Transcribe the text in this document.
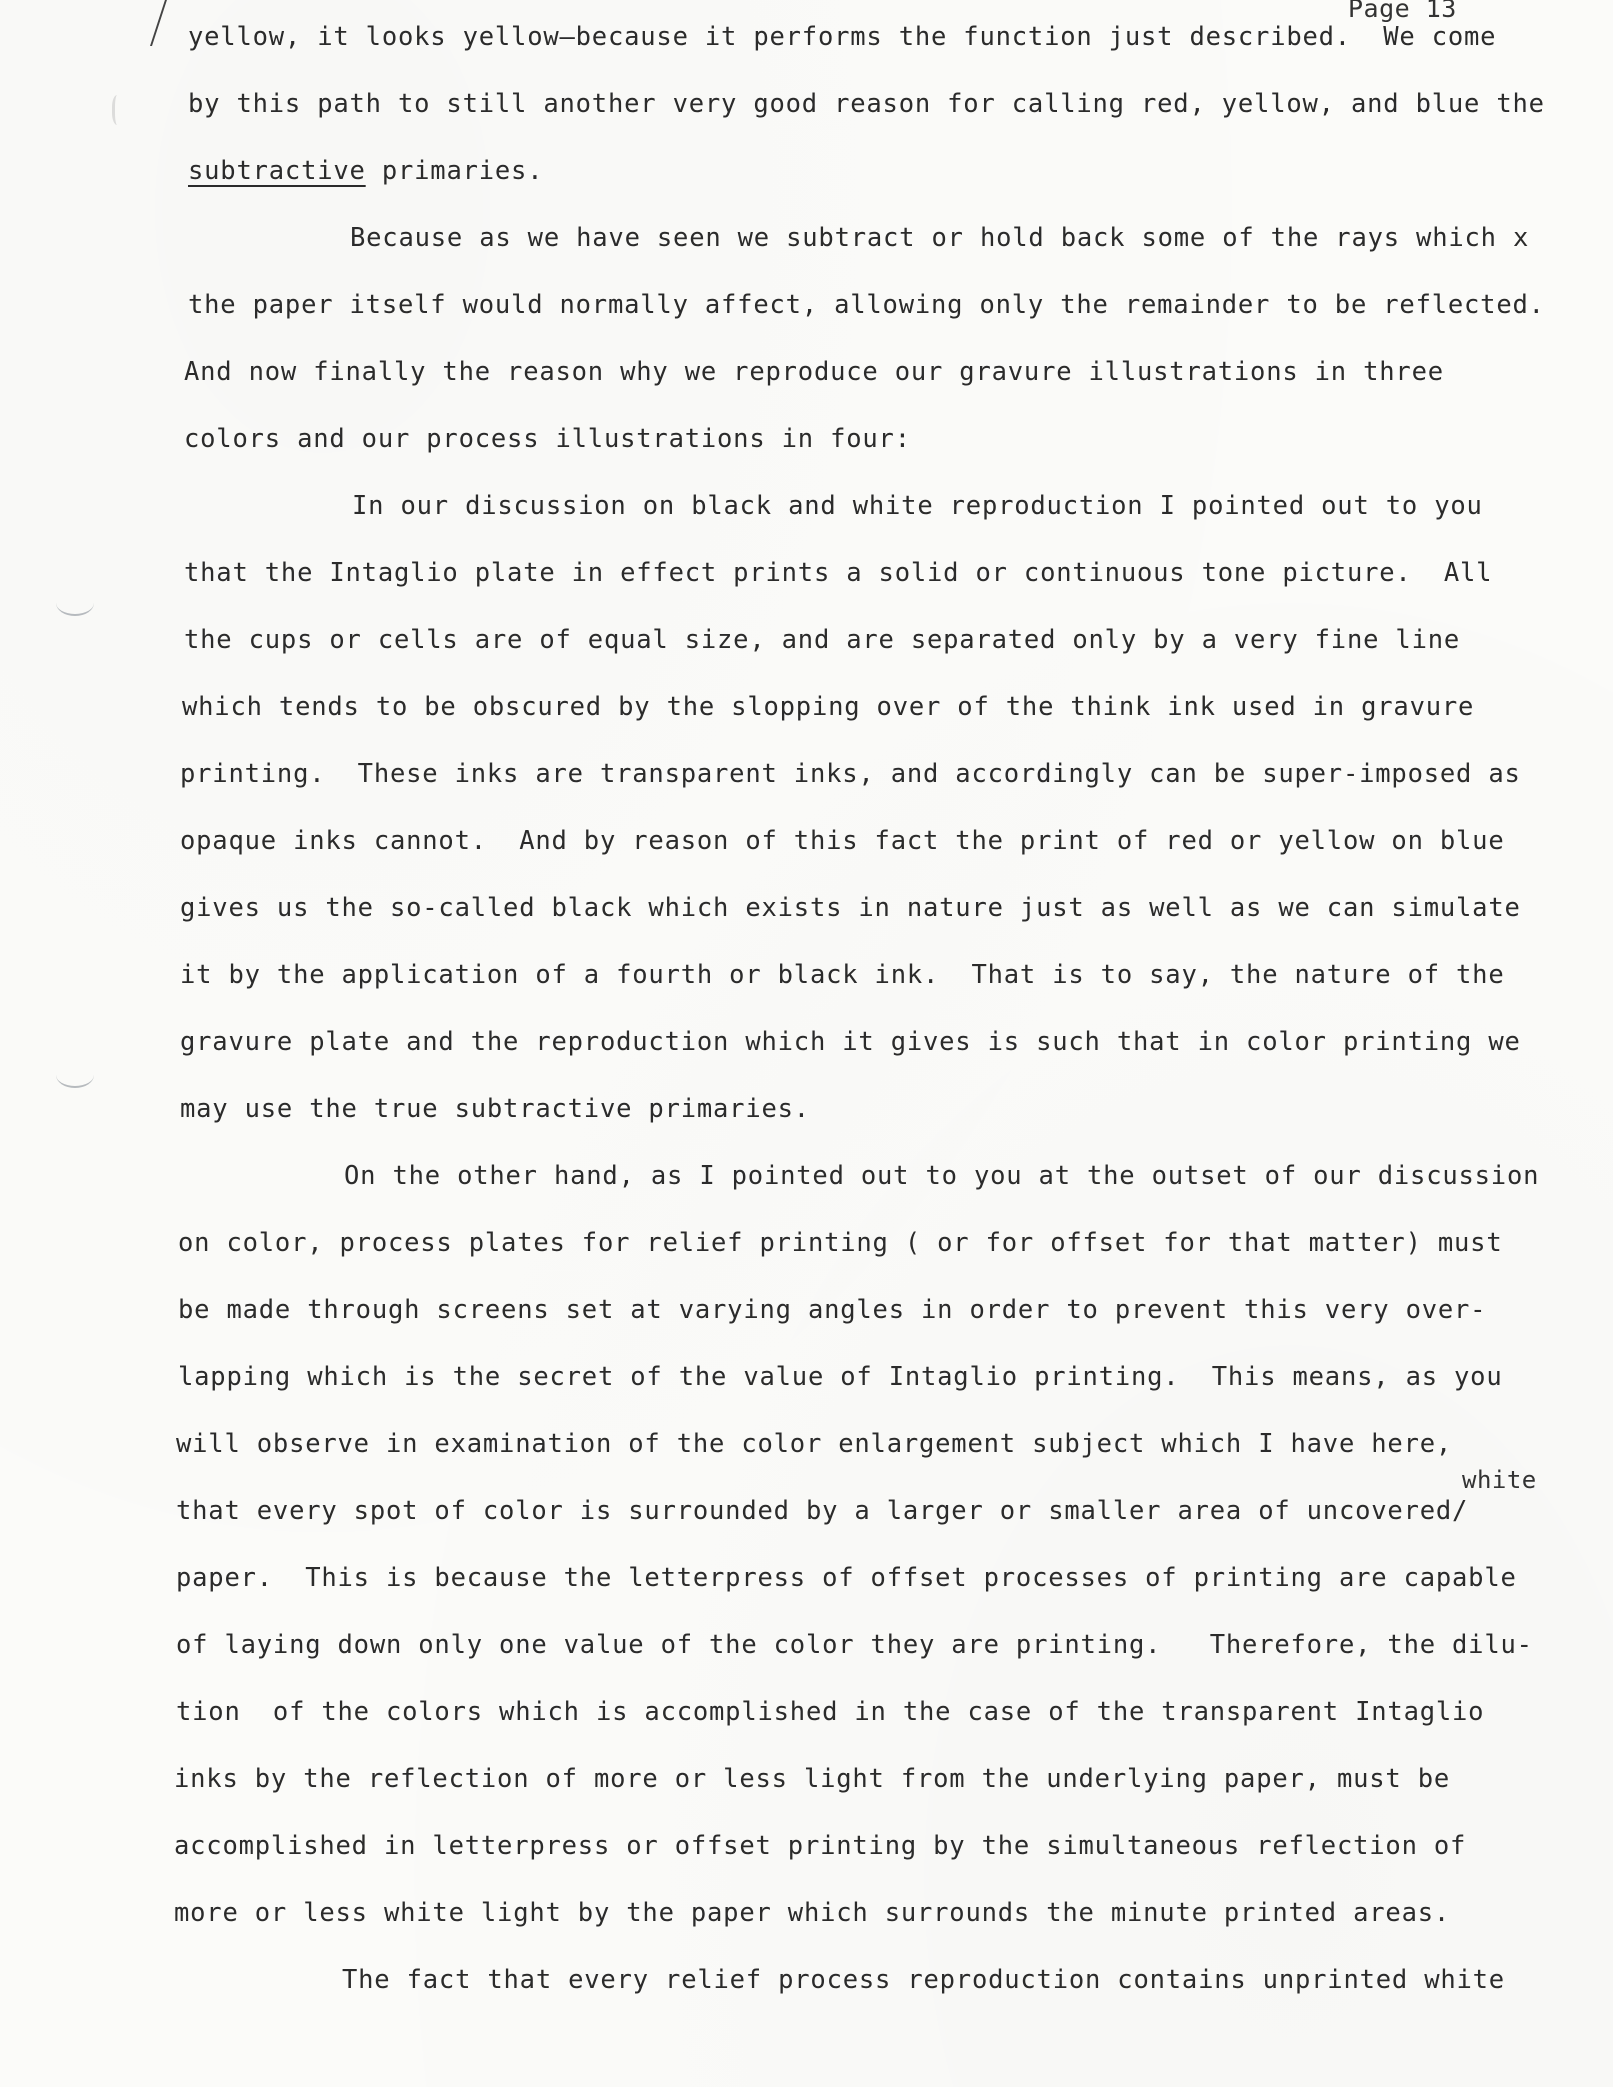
Page 13
yellow, it looks yellow—because it performs the function just described.  We come
by this path to still another very good reason for calling red, yellow, and blue the
subtractive primaries.
Because as we have seen we subtract or hold back some of the rays which x
the paper itself would normally affect, allowing only the remainder to be reflected.
And now finally the reason why we reproduce our gravure illustrations in three
colors and our process illustrations in four:
In our discussion on black and white reproduction I pointed out to you
that the Intaglio plate in effect prints a solid or continuous tone picture.  All
the cups or cells are of equal size, and are separated only by a very fine line
which tends to be obscured by the slopping over of the think ink used in gravure
printing.  These inks are transparent inks, and accordingly can be super-imposed as
opaque inks cannot.  And by reason of this fact the print of red or yellow on blue
gives us the so-called black which exists in nature just as well as we can simulate
it by the application of a fourth or black ink.  That is to say, the nature of the
gravure plate and the reproduction which it gives is such that in color printing we
may use the true subtractive primaries.
On the other hand, as I pointed out to you at the outset of our discussion
on color, process plates for relief printing ( or for offset for that matter) must
be made through screens set at varying angles in order to prevent this very over-
lapping which is the secret of the value of Intaglio printing.  This means, as you
will observe in examination of the color enlargement subject which I have here,
white
that every spot of color is surrounded by a larger or smaller area of uncovered/
paper.  This is because the letterpress of offset processes of printing are capable
of laying down only one value of the color they are printing.   Therefore, the dilu-
tion  of the colors which is accomplished in the case of the transparent Intaglio
inks by the reflection of more or less light from the underlying paper, must be
accomplished in letterpress or offset printing by the simultaneous reflection of
more or less white light by the paper which surrounds the minute printed areas.
The fact that every relief process reproduction contains unprinted white
